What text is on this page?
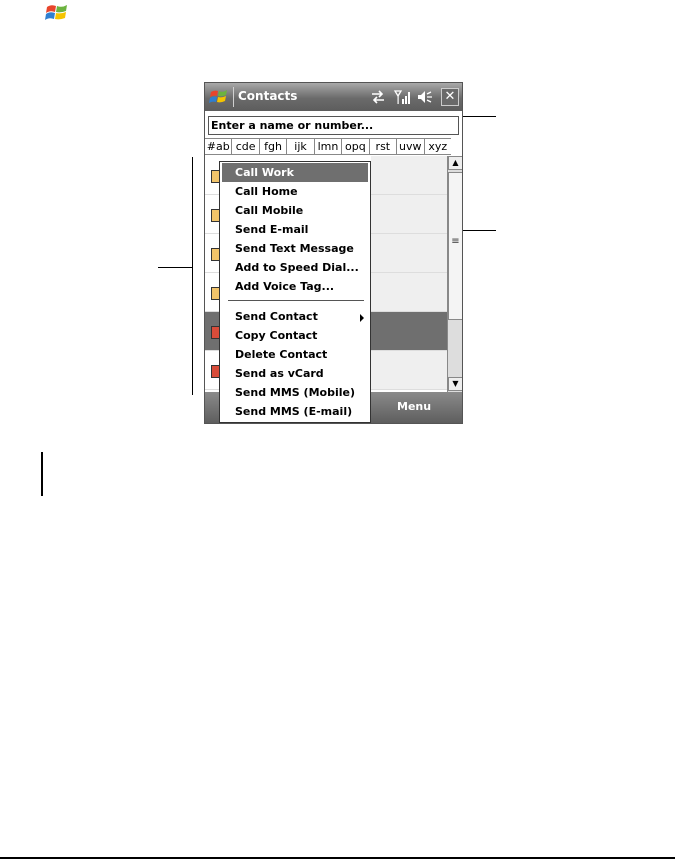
Contacts	✕
Enter a name or number...
#ab cde fgh	ijk lmn opq rst uvw xyz
▲
≡
▼
Menu
Call Work
Call Home
Call Mobile
Send E-mail
Send Text Message
Add to Speed Dial...
Add Voice Tag...
Send Contact
Copy Contact
Delete Contact
Send as vCard
Send MMS (Mobile)
Send MMS (E-mail)
